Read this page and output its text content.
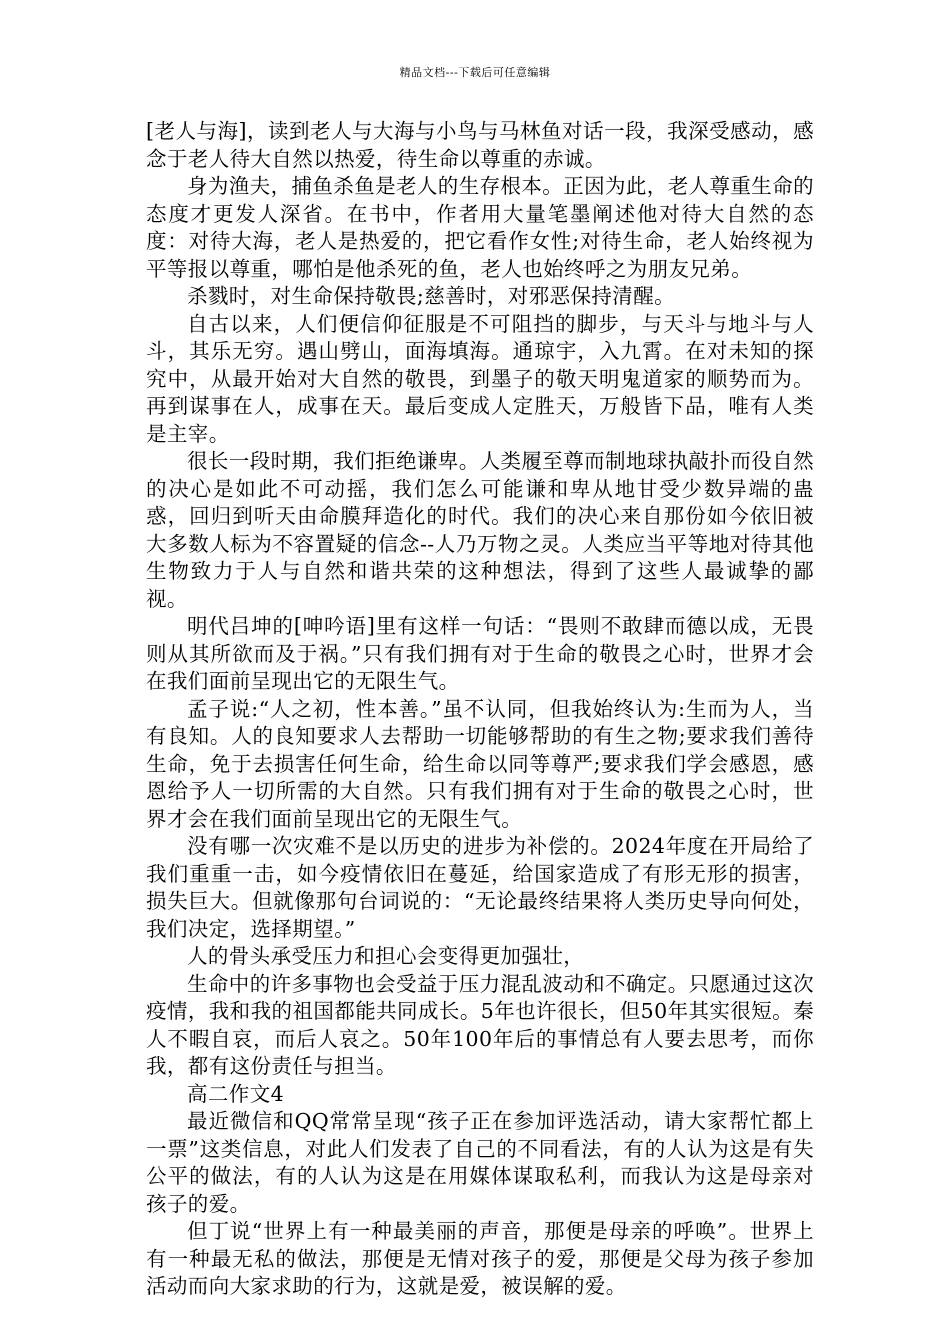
精品文档---下载后可任意编辑

[老人与海]，读到老人与大海与小鸟与马林鱼对话一段，我深受感动，感念于老人待大自然以热爱，待生命以尊重的赤诚。

身为渔夫，捕鱼杀鱼是老人的生存根本。正因为此，老人尊重生命的态度才更发人深省。在书中，作者用大量笔墨阐述他对待大自然的态度：对待大海，老人是热爱的，把它看作女性;对待生命，老人始终视为平等报以尊重，哪怕是他杀死的鱼，老人也始终呼之为朋友兄弟。

杀戮时，对生命保持敬畏;慈善时，对邪恶保持清醒。

自古以来，人们便信仰征服是不可阻挡的脚步，与天斗与地斗与人斗，其乐无穷。遇山劈山，面海填海。通琼宇，入九霄。在对未知的探究中，从最开始对大自然的敬畏，到墨子的敬天明鬼道家的顺势而为。再到谋事在人，成事在天。最后变成人定胜天，万般皆下品，唯有人类是主宰。

很长一段时期，我们拒绝谦卑。人类履至尊而制地球执敲扑而役自然的决心是如此不可动摇，我们怎么可能谦和卑从地甘受少数异端的蛊惑，回归到听天由命膜拜造化的时代。我们的决心来自那份如今依旧被大多数人标为不容置疑的信念--人乃万物之灵。人类应当平等地对待其他生物致力于人与自然和谐共荣的这种想法，得到了这些人最诚挚的鄙视。

明代吕坤的[呻吟语]里有这样一句话：“畏则不敢肆而德以成，无畏则从其所欲而及于祸。”只有我们拥有对于生命的敬畏之心时，世界才会在我们面前呈现出它的无限生气。

孟子说:“人之初，性本善。”虽不认同，但我始终认为:生而为人，当有良知。人的良知要求人去帮助一切能够帮助的有生之物;要求我们善待生命，免于去损害任何生命，给生命以同等尊严;要求我们学会感恩，感恩给予人一切所需的大自然。只有我们拥有对于生命的敬畏之心时，世界才会在我们面前呈现出它的无限生气。

没有哪一次灾难不是以历史的进步为补偿的。2024年度在开局给了我们重重一击，如今疫情依旧在蔓延，给国家造成了有形无形的损害，损失巨大。但就像那句台词说的：“无论最终结果将人类历史导向何处，我们决定，选择期望。”

人的骨头承受压力和担心会变得更加强壮，

生命中的许多事物也会受益于压力混乱波动和不确定。只愿通过这次疫情，我和我的祖国都能共同成长。5年也许很长，但50年其实很短。秦人不暇自哀，而后人哀之。50年100年后的事情总有人要去思考，而你我，都有这份责任与担当。

高二作文4

最近微信和QQ常常呈现“孩子正在参加评选活动，请大家帮忙都上一票”这类信息，对此人们发表了自己的不同看法，有的人认为这是有失公平的做法，有的人认为这是在用媒体谋取私利，而我认为这是母亲对孩子的爱。

但丁说“世界上有一种最美丽的声音，那便是母亲的呼唤”。世界上有一种最无私的做法，那便是无情对孩子的爱，那便是父母为孩子参加活动而向大家求助的行为，这就是爱，被误解的爱。
